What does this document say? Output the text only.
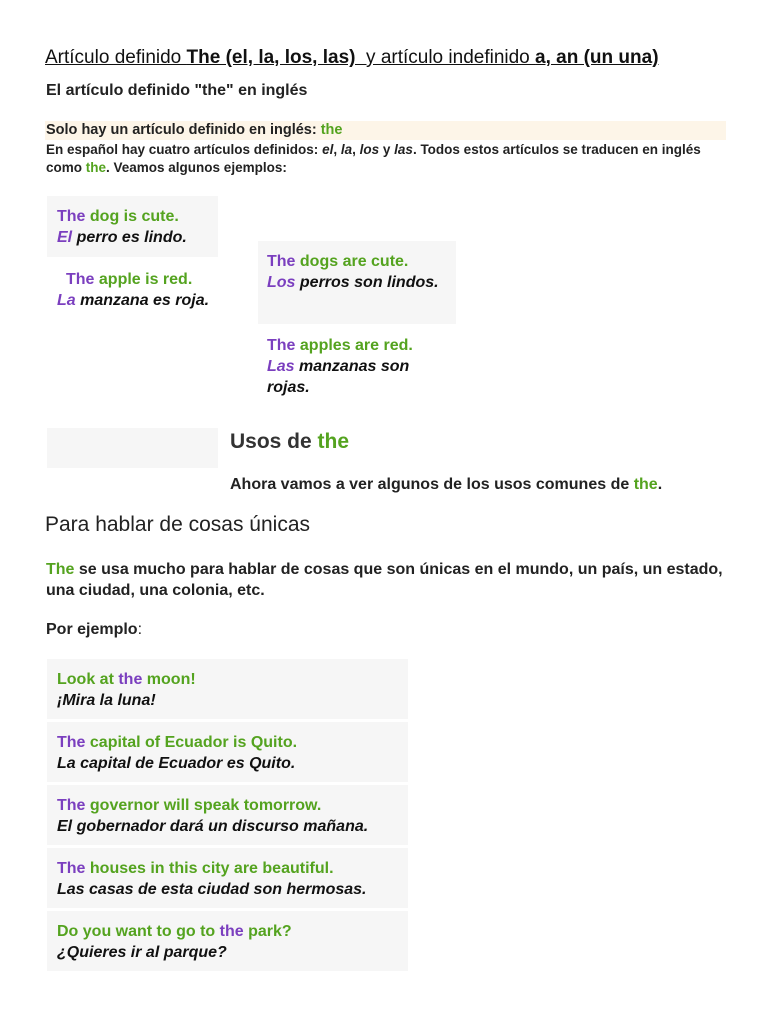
Artículo definido The (el, la, los, las)  y artículo indefinido a, an (un una)
El artículo definido "the" en inglés
Solo hay un artículo definido en inglés: the
En español hay cuatro artículos definidos: el, la, los y las. Todos estos artículos se traducen en inglés como the. Veamos algunos ejemplos:
The dog is cute.
El perro es lindo.
The apple is red.
La manzana es roja.
The dogs are cute.
Los perros son lindos.
The apples are red.
Las manzanas son rojas.
Usos de the
Ahora vamos a ver algunos de los usos comunes de the.
Para hablar de cosas únicas
The se usa mucho para hablar de cosas que son únicas en el mundo, un país, un estado, una ciudad, una colonia, etc.
Por ejemplo:
Look at the moon!
¡Mira la luna!
The capital of Ecuador is Quito.
La capital de Ecuador es Quito.
The governor will speak tomorrow.
El gobernador dará un discurso mañana.
The houses in this city are beautiful.
Las casas de esta ciudad son hermosas.
Do you want to go to the park?
¿Quieres ir al parque?
